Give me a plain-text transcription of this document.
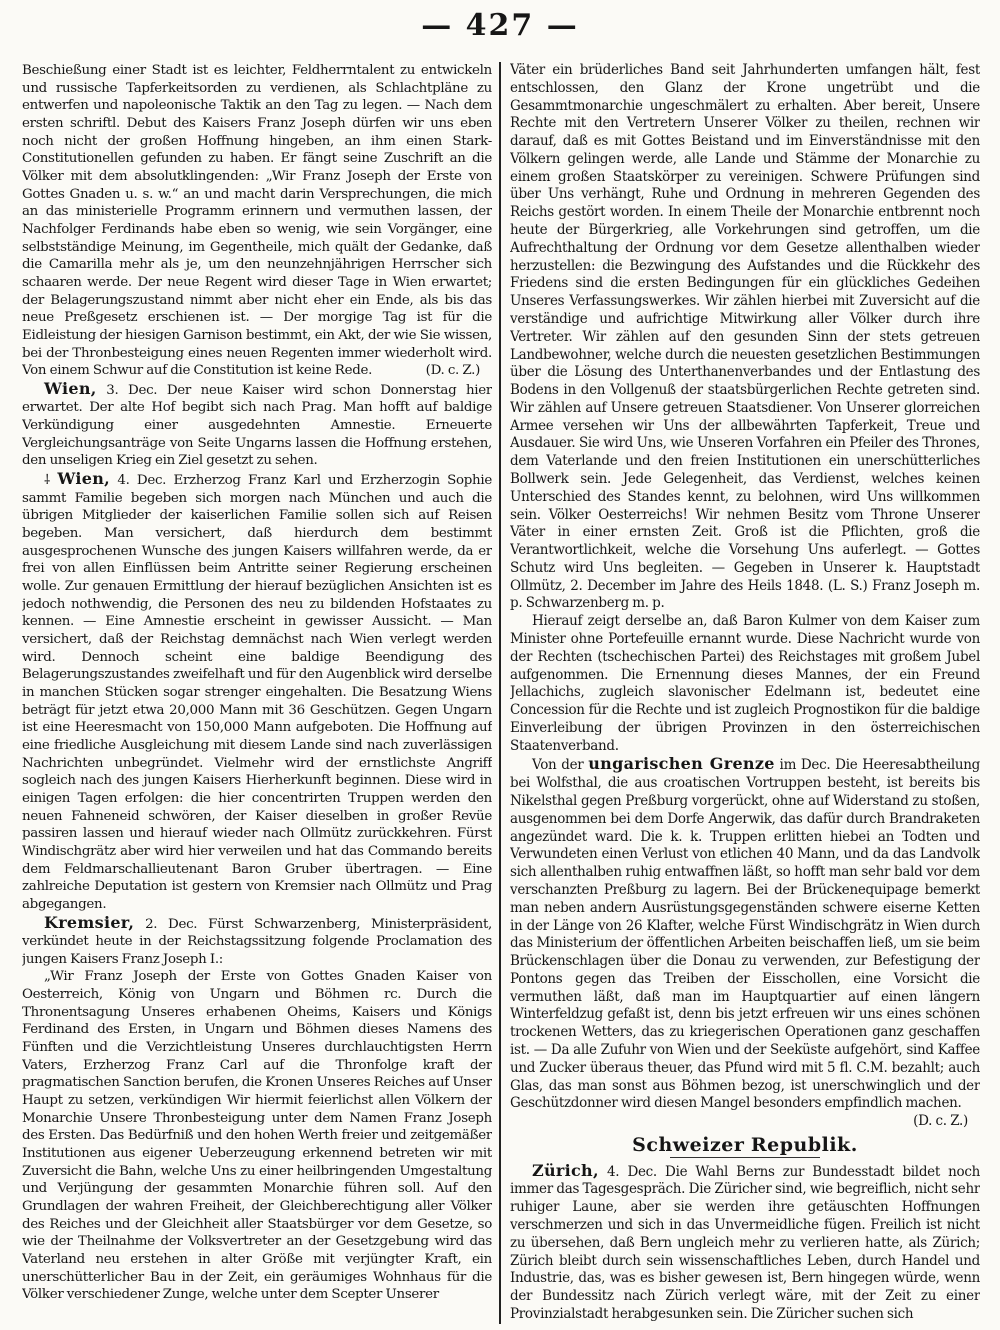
— 427 —

Beschießung einer Stadt ist es leichter, Feldherrntalent zu entwickeln und russische Tapferkeitsorden zu verdienen, als Schlachtpläne zu entwerfen und napoleonische Taktik an den Tag zu legen. — Nach dem ersten schriftl. Debut des Kaisers Franz Joseph dürfen wir uns eben noch nicht der großen Hoffnung hingeben, an ihm einen Stark-Constitutionellen gefunden zu haben. Er fängt seine Zuschrift an die Völker mit dem absolutklingenden: „Wir Franz Joseph der Erste von Gottes Gnaden u. s. w.“ an und macht darin Versprechungen, die mich an das ministerielle Programm erinnern und vermuthen lassen, der Nachfolger Ferdinands habe eben so wenig, wie sein Vorgänger, eine selbstständige Meinung, im Gegentheile, mich quält der Gedanke, daß die Camarilla mehr als je, um den neunzehnjährigen Herrscher sich schaaren werde. Der neue Regent wird dieser Tage in Wien erwartet; der Belagerungszustand nimmt aber nicht eher ein Ende, als bis das neue Preßgesetz erschienen ist. — Der morgige Tag ist für die Eidleistung der hiesigen Garnison bestimmt, ein Akt, der wie Sie wissen, bei der Thronbesteigung eines neuen Regenten immer wiederholt wird. Von einem Schwur auf die Constitution ist keine Rede.	(D. c. Z.)

Wien, 3. Dec. Der neue Kaiser wird schon Donnerstag hier erwartet. Der alte Hof begibt sich nach Prag. Man hofft auf baldige Verkündigung einer ausgedehnten Amnestie. Erneuerte Vergleichungsanträge von Seite Ungarns lassen die Hoffnung erstehen, den unseligen Krieg ein Ziel gesetzt zu sehen.

⸸ Wien, 4. Dec. Erzherzog Franz Karl und Erzherzogin Sophie sammt Familie begeben sich morgen nach München und auch die übrigen Mitglieder der kaiserlichen Familie sollen sich auf Reisen begeben. Man versichert, daß hierdurch dem bestimmt ausgesprochenen Wunsche des jungen Kaisers willfahren werde, da er frei von allen Einflüssen beim Antritte seiner Regierung erscheinen wolle. Zur genauen Ermittlung der hierauf bezüglichen Ansichten ist es jedoch nothwendig, die Personen des neu zu bildenden Hofstaates zu kennen. — Eine Amnestie erscheint in gewisser Aussicht. — Man versichert, daß der Reichstag demnächst nach Wien verlegt werden wird. Dennoch scheint eine baldige Beendigung des Belagerungszustandes zweifelhaft und für den Augenblick wird derselbe in manchen Stücken sogar strenger eingehalten. Die Besatzung Wiens beträgt für jetzt etwa 20,000 Mann mit 36 Geschützen. Gegen Ungarn ist eine Heeresmacht von 150,000 Mann aufgeboten. Die Hoffnung auf eine friedliche Ausgleichung mit diesem Lande sind nach zuverlässigen Nachrichten unbegründet. Vielmehr wird der ernstlichste Angriff sogleich nach des jungen Kaisers Hierherkunft beginnen. Diese wird in einigen Tagen erfolgen: die hier concentrirten Truppen werden den neuen Fahneneid schwören, der Kaiser dieselben in großer Revüe passiren lassen und hierauf wieder nach Ollmütz zurückkehren. Fürst Windischgrätz aber wird hier verweilen und hat das Commando bereits dem Feldmarschallieutenant Baron Gruber übertragen. — Eine zahlreiche Deputation ist gestern von Kremsier nach Ollmütz und Prag abgegangen.

Kremsier, 2. Dec. Fürst Schwarzenberg, Ministerpräsident, verkündet heute in der Reichstagssitzung folgende Proclamation des jungen Kaisers Franz Joseph I.:

„Wir Franz Joseph der Erste von Gottes Gnaden Kaiser von Oesterreich, König von Ungarn und Böhmen rc. Durch die Thronentsagung Unseres erhabenen Oheims, Kaisers und Königs Ferdinand des Ersten, in Ungarn und Böhmen dieses Namens des Fünften und die Verzichtleistung Unseres durchlauchtigsten Herrn Vaters, Erzherzog Franz Carl auf die Thronfolge kraft der pragmatischen Sanction berufen, die Kronen Unseres Reiches auf Unser Haupt zu setzen, verkündigen Wir hiermit feierlichst allen Völkern der Monarchie Unsere Thronbesteigung unter dem Namen Franz Joseph des Ersten. Das Bedürfniß und den hohen Werth freier und zeitgemäßer Institutionen aus eigener Ueberzeugung erkennend betreten wir mit Zuversicht die Bahn, welche Uns zu einer heilbringenden Umgestaltung und Verjüngung der gesammten Monarchie führen soll. Auf den Grundlagen der wahren Freiheit, der Gleichberechtigung aller Völker des Reiches und der Gleichheit aller Staatsbürger vor dem Gesetze, so wie der Theilnahme der Volksvertreter an der Gesetzgebung wird das Vaterland neu erstehen in alter Größe mit verjüngter Kraft, ein unerschütterlicher Bau in der Zeit, ein geräumiges Wohnhaus für die Völker verschiedener Zunge, welche unter dem Scepter Unserer

Väter ein brüderliches Band seit Jahrhunderten umfangen hält, fest entschlossen, den Glanz der Krone ungetrübt und die Gesammtmonarchie ungeschmälert zu erhalten. Aber bereit, Unsere Rechte mit den Vertretern Unserer Völker zu theilen, rechnen wir darauf, daß es mit Gottes Beistand und im Einverständnisse mit den Völkern gelingen werde, alle Lande und Stämme der Monarchie zu einem großen Staatskörper zu vereinigen. Schwere Prüfungen sind über Uns verhängt, Ruhe und Ordnung in mehreren Gegenden des Reichs gestört worden. In einem Theile der Monarchie entbrennt noch heute der Bürgerkrieg, alle Vorkehrungen sind getroffen, um die Aufrechthaltung der Ordnung vor dem Gesetze allenthalben wieder herzustellen: die Bezwingung des Aufstandes und die Rückkehr des Friedens sind die ersten Bedingungen für ein glückliches Gedeihen Unseres Verfassungswerkes. Wir zählen hierbei mit Zuversicht auf die verständige und aufrichtige Mitwirkung aller Völker durch ihre Vertreter. Wir zählen auf den gesunden Sinn der stets getreuen Landbewohner, welche durch die neuesten gesetzlichen Bestimmungen über die Lösung des Unterthanenverbandes und der Entlastung des Bodens in den Vollgenuß der staatsbürgerlichen Rechte getreten sind. Wir zählen auf Unsere getreuen Staatsdiener. Von Unserer glorreichen Armee versehen wir Uns der allbewährten Tapferkeit, Treue und Ausdauer. Sie wird Uns, wie Unseren Vorfahren ein Pfeiler des Thrones, dem Vaterlande und den freien Institutionen ein unerschütterliches Bollwerk sein. Jede Gelegenheit, das Verdienst, welches keinen Unterschied des Standes kennt, zu belohnen, wird Uns willkommen sein. Völker Oesterreichs! Wir nehmen Besitz vom Throne Unserer Väter in einer ernsten Zeit. Groß ist die Pflichten, groß die Verantwortlichkeit, welche die Vorsehung Uns auferlegt. — Gottes Schutz wird Uns begleiten. — Gegeben in Unserer k. Hauptstadt Ollmütz, 2. December im Jahre des Heils 1848. (L. S.) Franz Joseph m. p. Schwarzenberg m. p.

Hierauf zeigt derselbe an, daß Baron Kulmer von dem Kaiser zum Minister ohne Portefeuille ernannt wurde. Diese Nachricht wurde von der Rechten (tschechischen Partei) des Reichstages mit großem Jubel aufgenommen. Die Ernennung dieses Mannes, der ein Freund Jellachichs, zugleich slavonischer Edelmann ist, bedeutet eine Concession für die Rechte und ist zugleich Prognostikon für die baldige Einverleibung der übrigen Provinzen in den österreichischen Staatenverband.

Von der ungarischen Grenze im Dec. Die Heeresabtheilung bei Wolfsthal, die aus croatischen Vortruppen besteht, ist bereits bis Nikelsthal gegen Preßburg vorgerückt, ohne auf Widerstand zu stoßen, ausgenommen bei dem Dorfe Angerwik, das dafür durch Brandraketen angezündet ward. Die k. k. Truppen erlitten hiebei an Todten und Verwundeten einen Verlust von etlichen 40 Mann, und da das Landvolk sich allenthalben ruhig entwaffnen läßt, so hofft man sehr bald vor dem verschanzten Preßburg zu lagern. Bei der Brückenequipage bemerkt man neben andern Ausrüstungsgegenständen schwere eiserne Ketten in der Länge von 26 Klafter, welche Fürst Windischgrätz in Wien durch das Ministerium der öffentlichen Arbeiten beischaffen ließ, um sie beim Brückenschlagen über die Donau zu verwenden, zur Befestigung der Pontons gegen das Treiben der Eisschollen, eine Vorsicht die vermuthen läßt, daß man im Hauptquartier auf einen längern Winterfeldzug gefaßt ist, denn bis jetzt erfreuen wir uns eines schönen trockenen Wetters, das zu kriegerischen Operationen ganz geschaffen ist. — Da alle Zufuhr von Wien und der Seeküste aufgehört, sind Kaffee und Zucker überaus theuer, das Pfund wird mit 5 fl. C.M. bezahlt; auch Glas, das man sonst aus Böhmen bezog, ist unerschwinglich und der Geschützdonner wird diesen Mangel besonders empfindlich machen.
(D. c. Z.)

Schweizer Republik.

Zürich, 4. Dec. Die Wahl Berns zur Bundesstadt bildet noch immer das Tagesgespräch. Die Züricher sind, wie begreiflich, nicht sehr ruhiger Laune, aber sie werden ihre getäuschten Hoffnungen verschmerzen und sich in das Unvermeidliche fügen. Freilich ist nicht zu übersehen, daß Bern ungleich mehr zu verlieren hatte, als Zürich; Zürich bleibt durch sein wissenschaftliches Leben, durch Handel und Industrie, das, was es bisher gewesen ist, Bern hingegen würde, wenn der Bundessitz nach Zürich verlegt wäre, mit der Zeit zu einer Provinzialstadt herabgesunken sein. Die Züricher suchen sich
